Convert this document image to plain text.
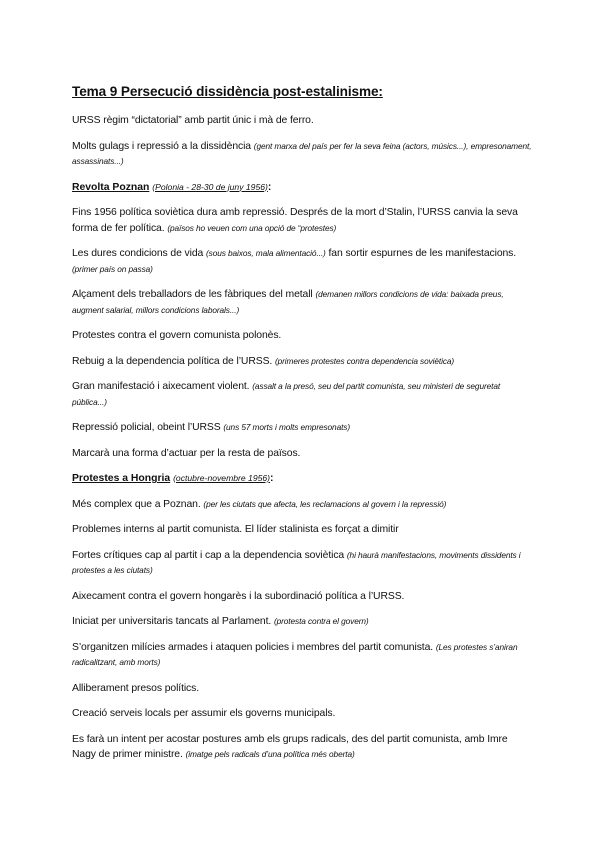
Tema 9 Persecució dissidència post-estalinisme:

URSS règim “dictatorial” amb partit únic i mà de ferro.

Molts gulags i repressió a la dissidència (gent marxa del país per fer la seva feina (actors, músics...), empresonament, assassinats...)

Revolta Poznan (Polonia - 28-30 de juny 1956):

Fins 1956 política soviètica dura amb repressió. Després de la mort d’Stalin, l’URSS canvia la seva forma de fer política. (països ho veuen com una opció de “protestes)

Les dures condicions de vida (sous baixos, mala alimentació...) fan sortir espurnes de les manifestacions. (primer país on passa)

Alçament dels treballadors de les fàbriques del metall (demanen millors condicions de vida: baixada preus, augment salarial, millors condicions laborals...)

Protestes contra el govern comunista polonès.

Rebuig a la dependencia política de l’URSS. (primeres protestes contra dependencia soviètica)

Gran manifestació i aixecament violent. (assalt a la presó, seu del partit comunista, seu ministeri de seguretat pública...)

Repressió policial, obeint l’URSS (uns 57 morts i molts empresonats)

Marcarà una forma d’actuar per la resta de països.

Protestes a Hongria (octubre-novembre 1956):

Més complex que a Poznan. (per les ciutats que afecta, les reclamacions al govern i la repressió)

Problemes interns al partit comunista. El líder stalinista es forçat a dimitir

Fortes crítiques cap al partit i cap a la dependencia soviètica (hi haurà manifestacions, moviments dissidents i protestes a les ciutats)

Aixecament contra el govern hongarès i la subordinació política a l’URSS.

Iniciat per universitaris tancats al Parlament. (protesta contra el govern)

S’organitzen milícies armades i ataquen policies i membres del partit comunista. (Les protestes s’aniran radicalitzant, amb morts)

Alliberament presos polítics.

Creació serveis locals per assumir els governs municipals.

Es farà un intent per acostar postures amb els grups radicals, des del partit comunista, amb Imre Nagy de primer ministre. (imatge pels radicals d’una política més oberta)
